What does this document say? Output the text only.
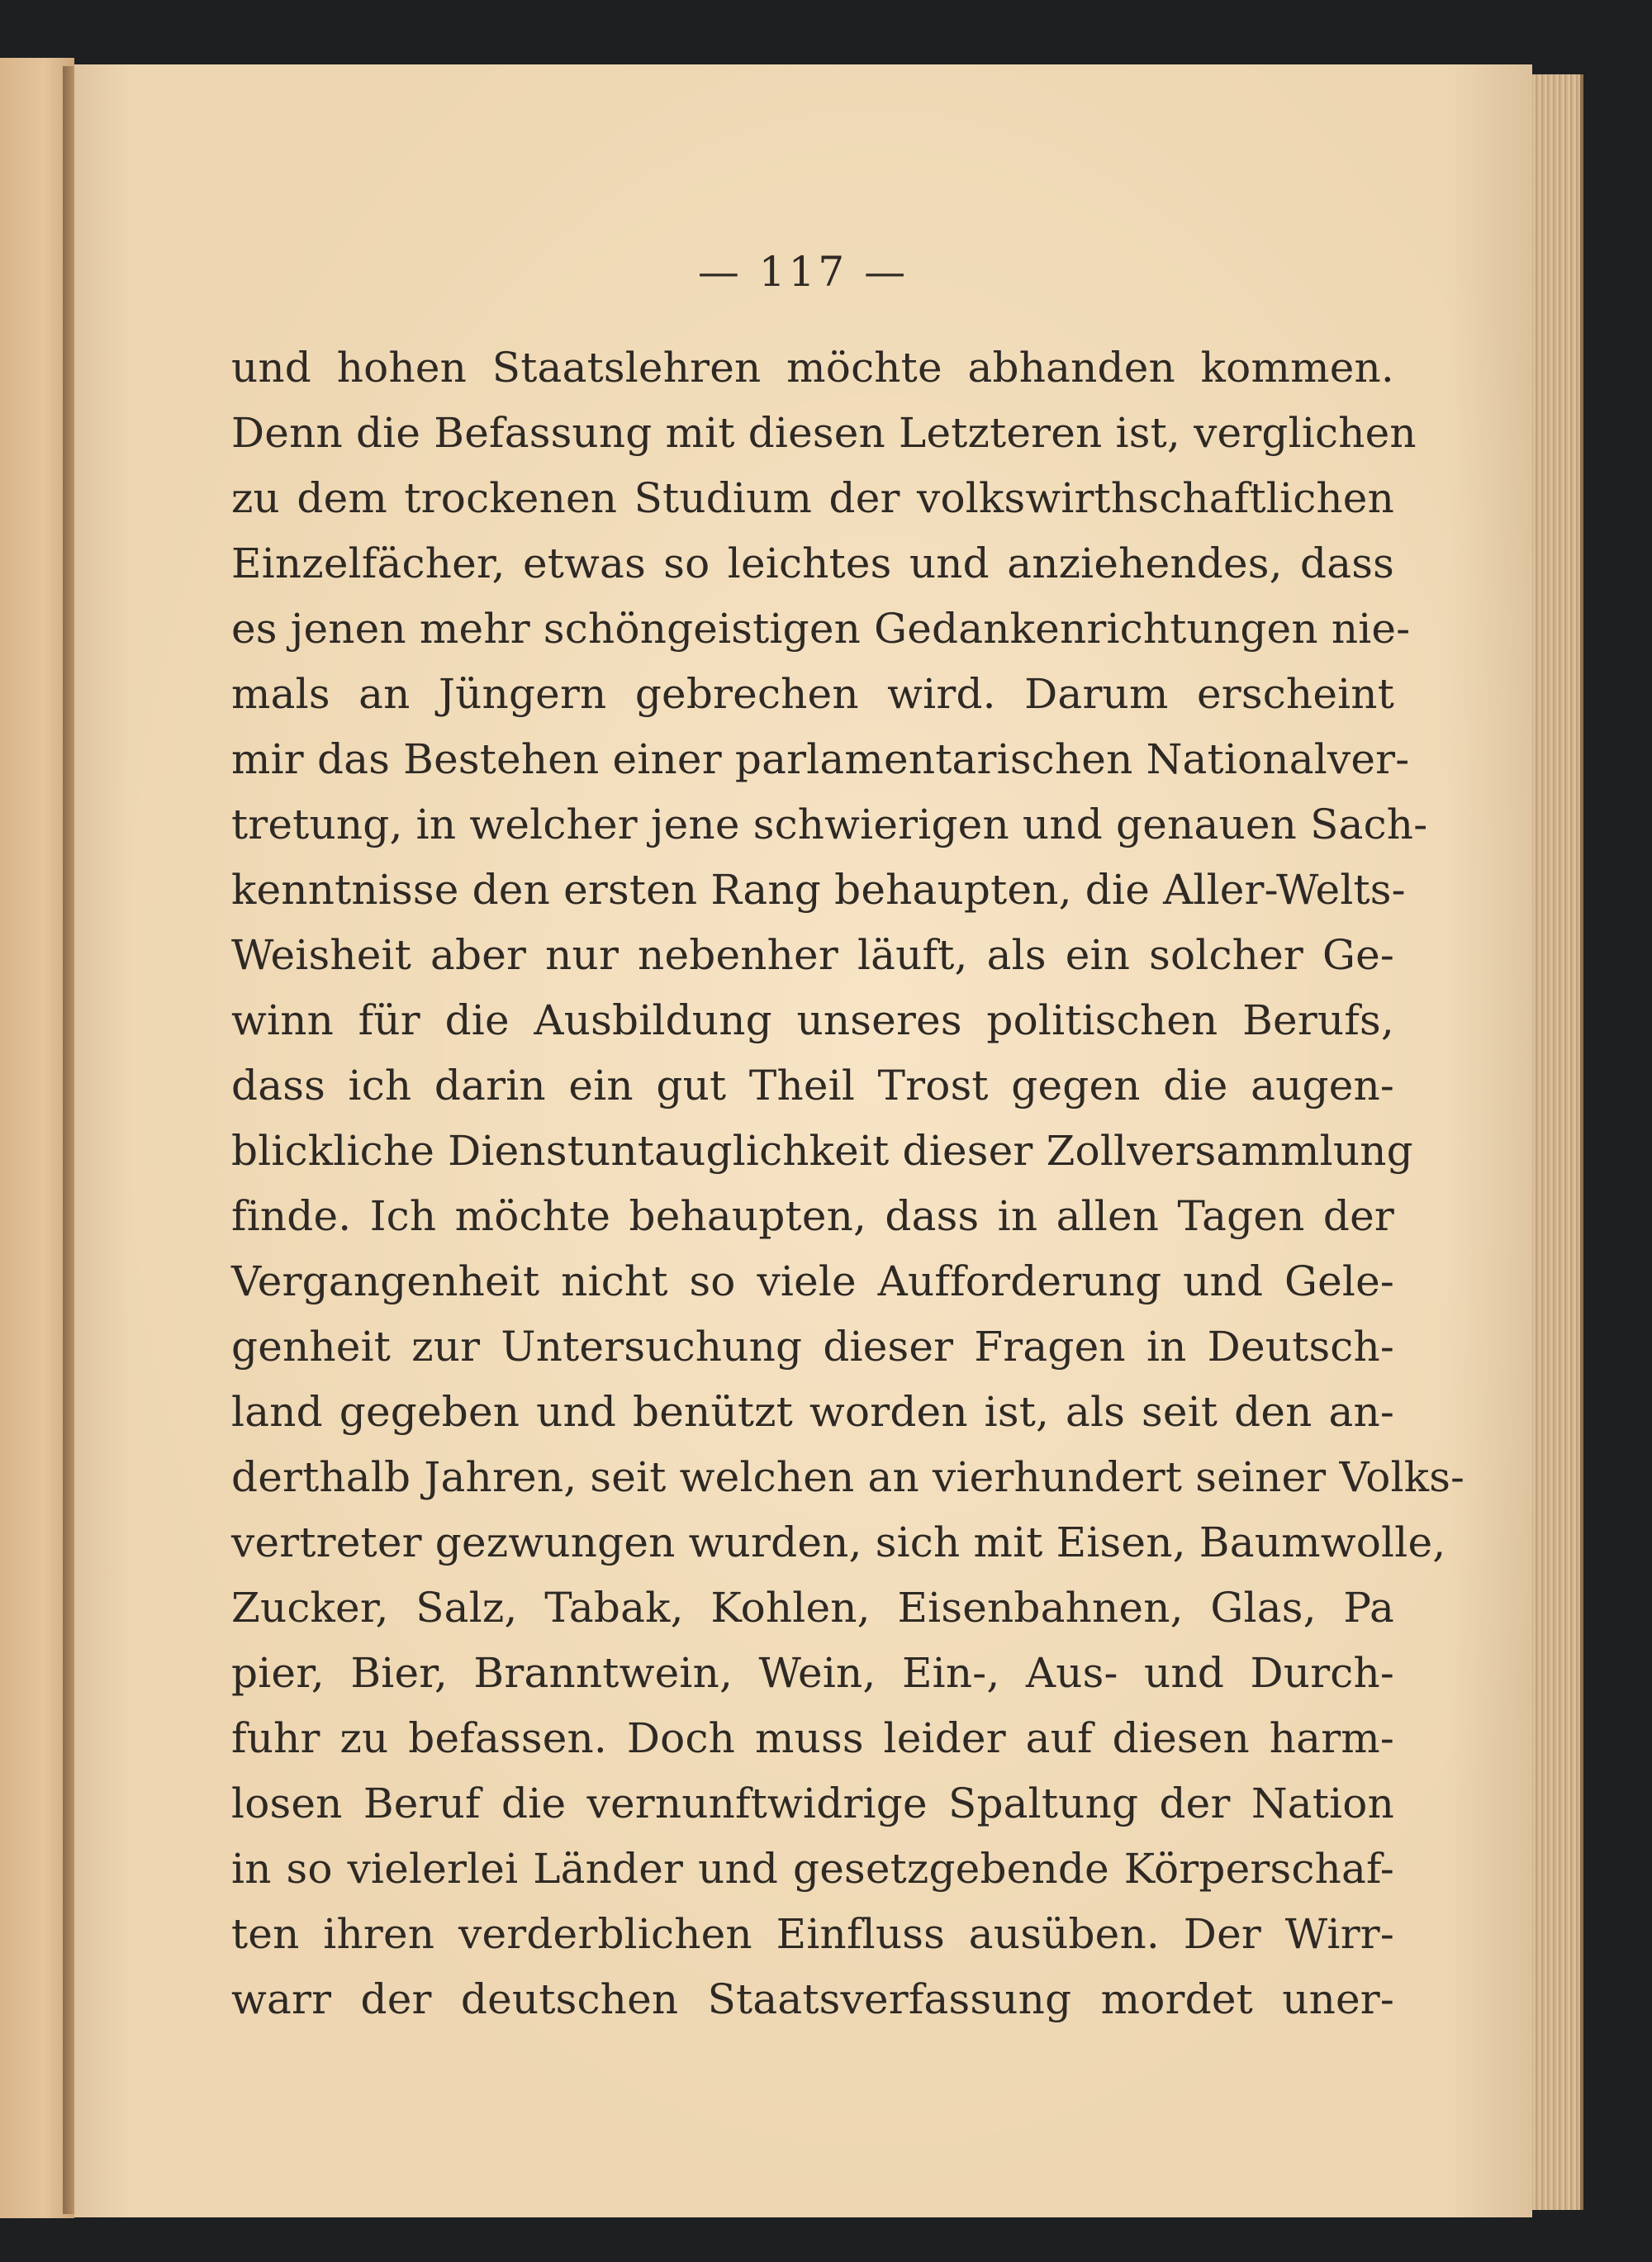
— 117 —
und hohen Staatslehren möchte abhanden kommen.
Denn die Befassung mit diesen Letzteren ist, verglichen
zu dem trockenen Studium der volkswirthschaftlichen
Einzelfächer, etwas so leichtes und anziehendes, dass
es jenen mehr schöngeistigen Gedankenrichtungen nie-
mals an Jüngern gebrechen wird. Darum erscheint
mir das Bestehen einer parlamentarischen Nationalver-
tretung, in welcher jene schwierigen und genauen Sach-
kenntnisse den ersten Rang behaupten, die Aller-Welts-
Weisheit aber nur nebenher läuft, als ein solcher Ge-
winn für die Ausbildung unseres politischen Berufs,
dass ich darin ein gut Theil Trost gegen die augen-
blickliche Dienstuntauglichkeit dieser Zollversammlung
finde. Ich möchte behaupten, dass in allen Tagen der
Vergangenheit nicht so viele Aufforderung und Gele-
genheit zur Untersuchung dieser Fragen in Deutsch-
land gegeben und benützt worden ist, als seit den an-
derthalb Jahren, seit welchen an vierhundert seiner Volks-
vertreter gezwungen wurden, sich mit Eisen, Baumwolle,
Zucker, Salz, Tabak, Kohlen, Eisenbahnen, Glas, Pa
pier, Bier, Branntwein, Wein, Ein-, Aus- und Durch-
fuhr zu befassen. Doch muss leider auf diesen harm-
losen Beruf die vernunftwidrige Spaltung der Nation
in so vielerlei Länder und gesetzgebende Körperschaf-
ten ihren verderblichen Einfluss ausüben. Der Wirr-
warr der deutschen Staatsverfassung mordet uner-
